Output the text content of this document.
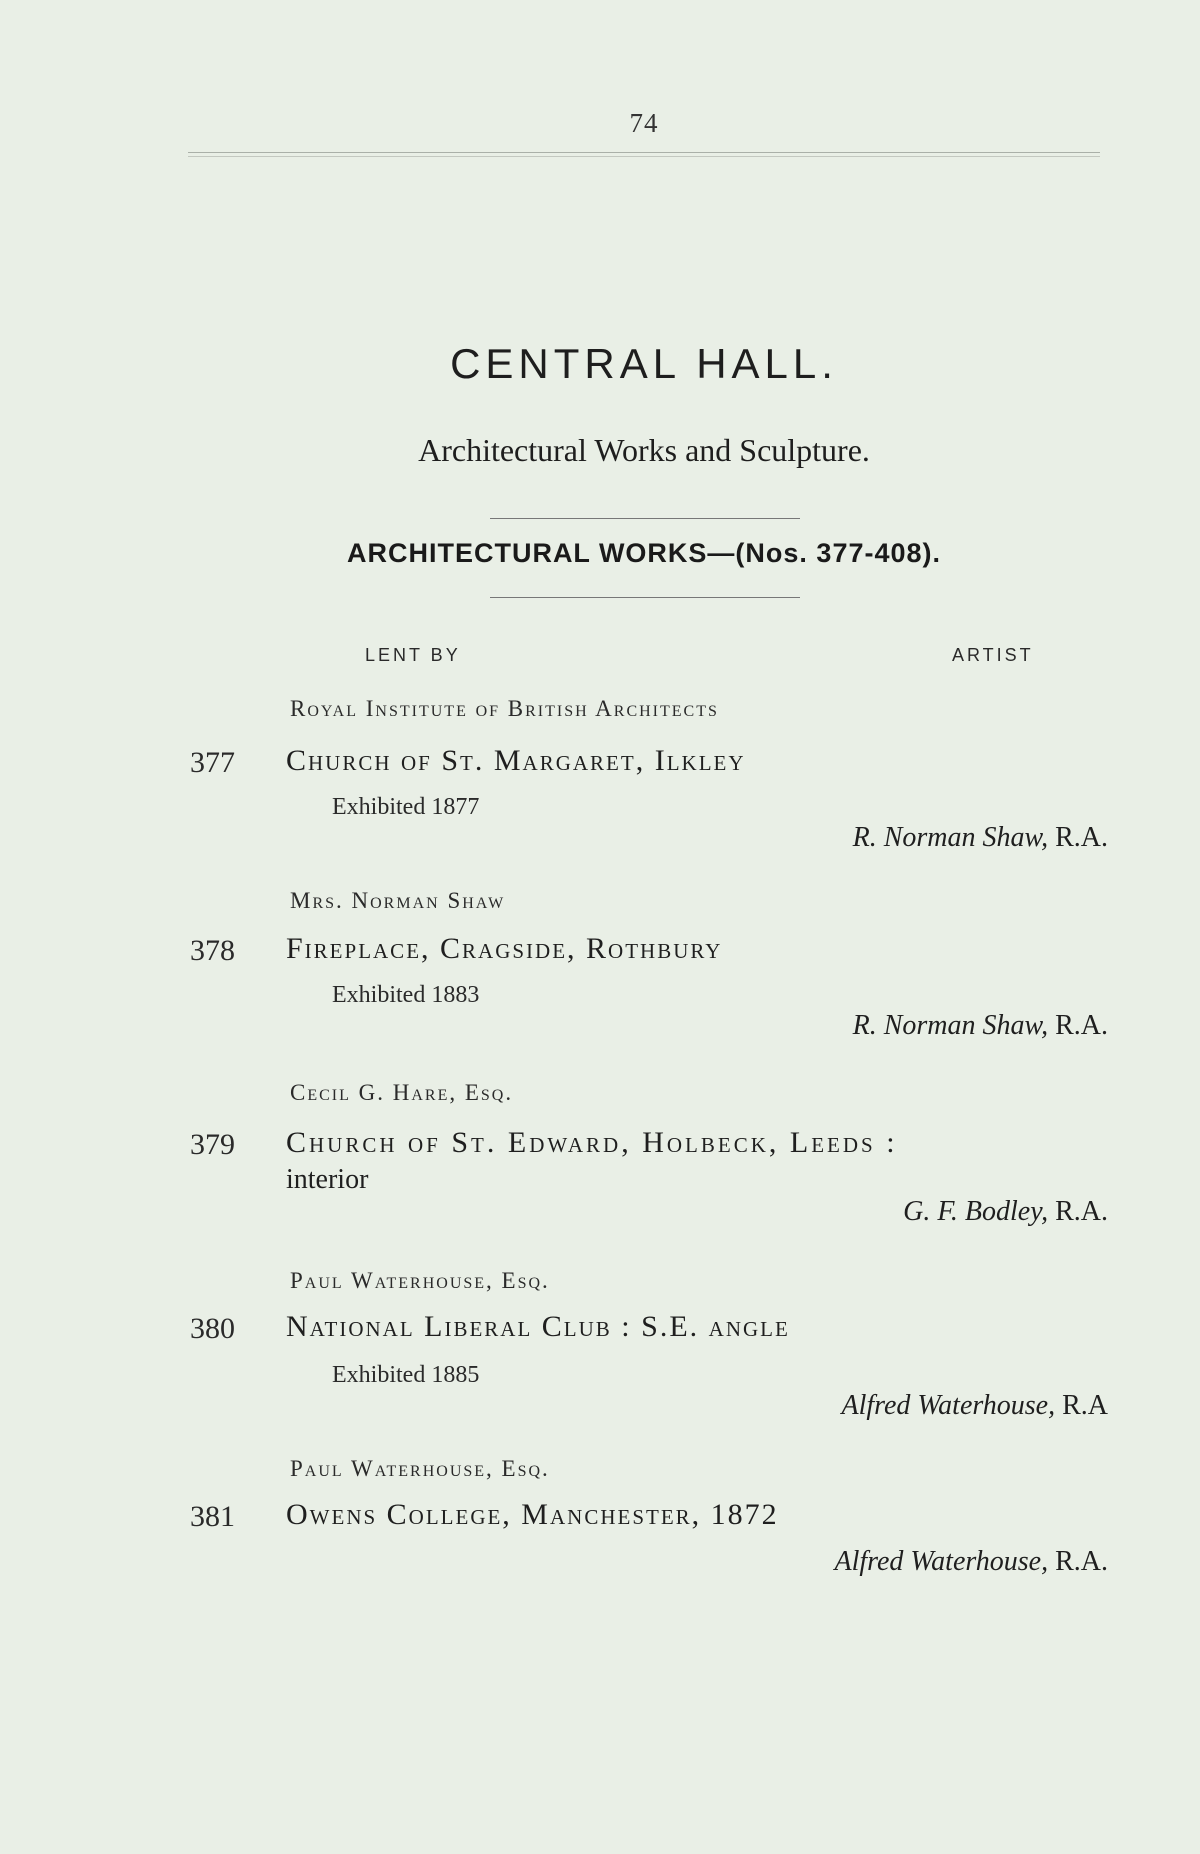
74
CENTRAL HALL.
Architectural Works and Sculpture.
ARCHITECTURAL WORKS—(Nos. 377-408).
LENT BY	ARTIST
Royal Institute of British Architects
377 Church of St. Margaret, Ilkley
Exhibited 1877
R. Norman Shaw, R.A.
Mrs. Norman Shaw
378 Fireplace, Cragside, Rothbury
Exhibited 1883
R. Norman Shaw, R.A.
Cecil G. Hare, Esq.
379 Church of St. Edward, Holbeck, Leeds :
interior
G. F. Bodley, R.A.
Paul Waterhouse, Esq.
380 National Liberal Club : S.E. angle
Exhibited 1885
Alfred Waterhouse, R.A
Paul Waterhouse, Esq.
381 Owens College, Manchester, 1872
Alfred Waterhouse, R.A.
